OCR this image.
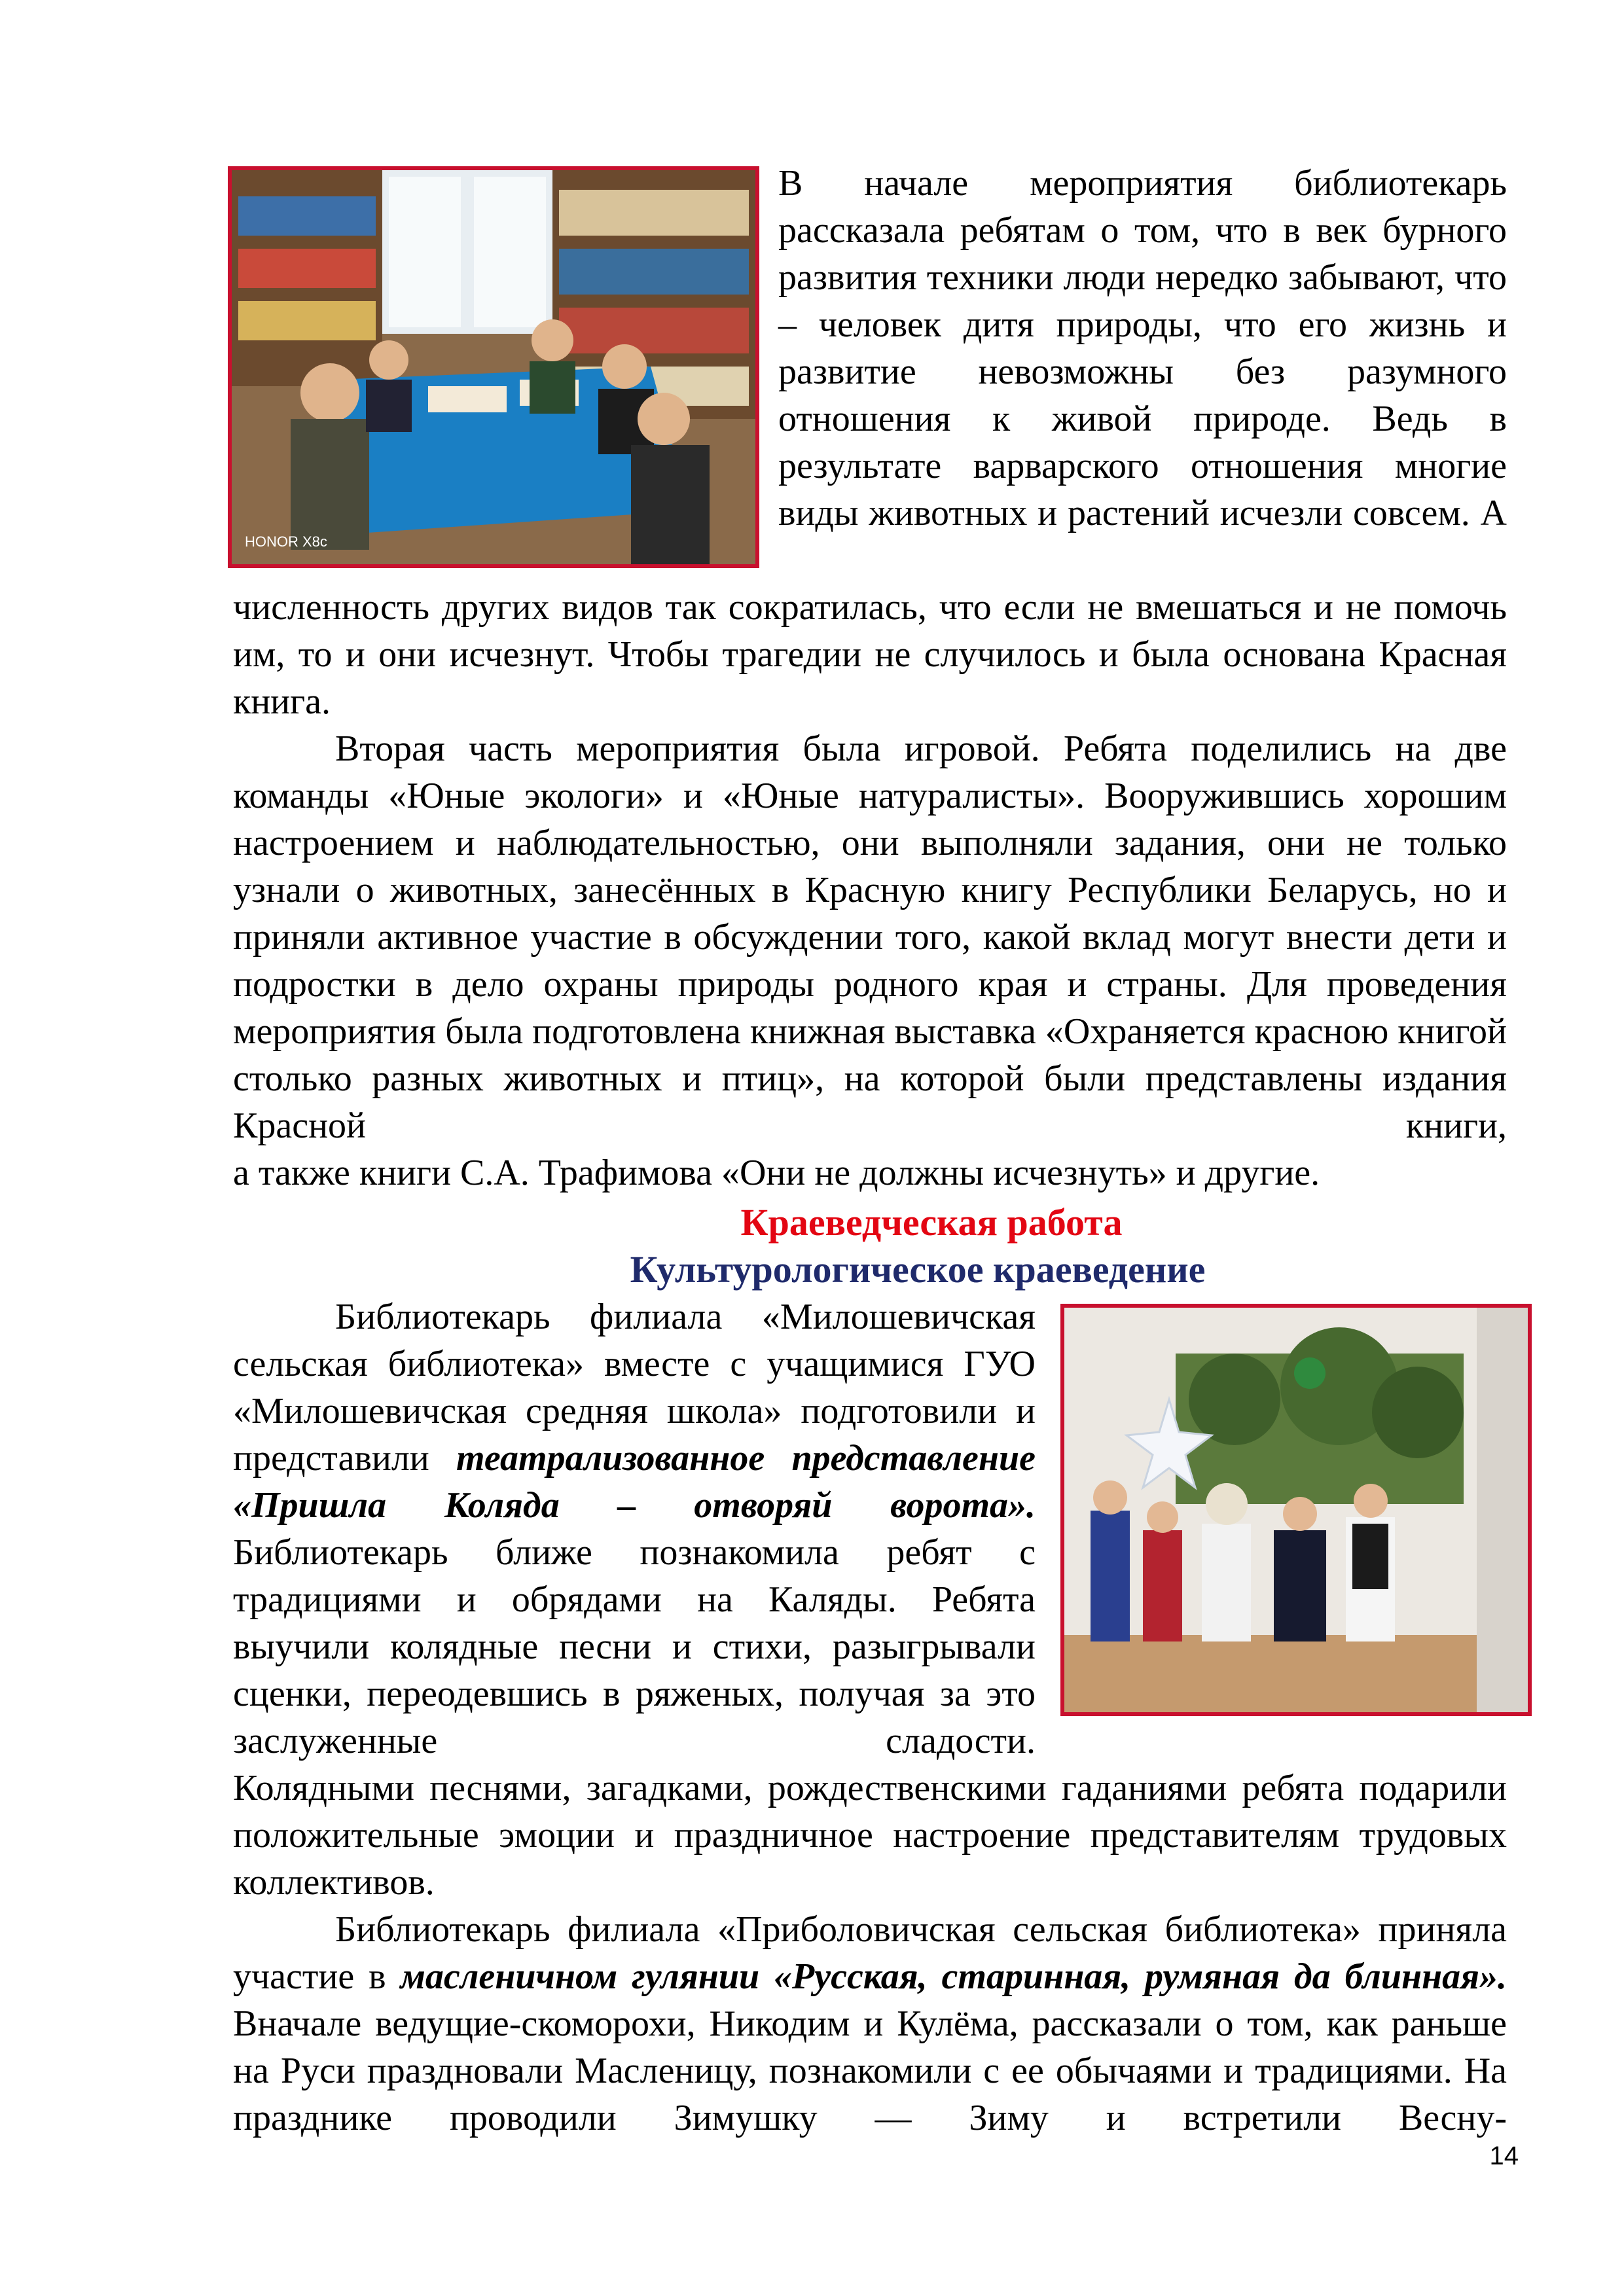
HONOR X8c

В начале мероприятия библиотекарь рассказала ребятам о том, что в век бурного развития техники люди нередко забывают, что – человек дитя природы, что его жизнь и развитие невозможны без разумного отношения к живой природе. Ведь в результате варварского отношения многие виды животных и растений исчезли совсем. А

численность других видов так сократилась, что если не вмешаться и не помочь им, то и они исчезнут. Чтобы трагедии не случилось и была основана Красная книга.

Вторая часть мероприятия была игровой. Ребята поделились на две команды «Юные экологи» и «Юные натуралисты». Вооружившись хорошим настроением и наблюдательностью, они выполняли задания, они не только узнали о животных, занесённых в Красную книгу Республики Беларусь, но и приняли активное участие в обсуждении того, какой вклад могут внести дети и подростки в дело охраны природы родного края и страны. Для проведения мероприятия была подготовлена книжная выставка «Охраняется красною книгой столько разных животных и птиц», на которой были представлены издания Красной книги,

а также книги С.А. Трафимова «Они не должны исчезнуть» и другие.

Краеведческая работа
Культурологическое краеведение

Библиотекарь филиала «Милошевичская сельская библиотека» вместе с учащимися ГУО «Милошевичская средняя школа» подготовили и представили театрализованное представление «Пришла Коляда – отворяй ворота». Библиотекарь ближе познакомила ребят с традициями и обрядами на Каляды. Ребята выучили колядные песни и стихи, разыгрывали сценки, переодевшись в ряженых, получая за это заслуженные сладости.

Колядными песнями, загадками, рождественскими гаданиями ребята подарили положительные эмоции и праздничное настроение представителям трудовых коллективов.

Библиотекарь филиала «Приболовичская сельская библиотека» приняла участие в масленичном гулянии «Русская, старинная, румяная да блинная». Вначале ведущие-скоморохи, Никодим и Кулёма, рассказали о том, как раньше на Руси праздновали Масленицу, познакомили с ее обычаями и традициями. На празднике проводили Зимушку — Зиму и встретили Весну-

14
